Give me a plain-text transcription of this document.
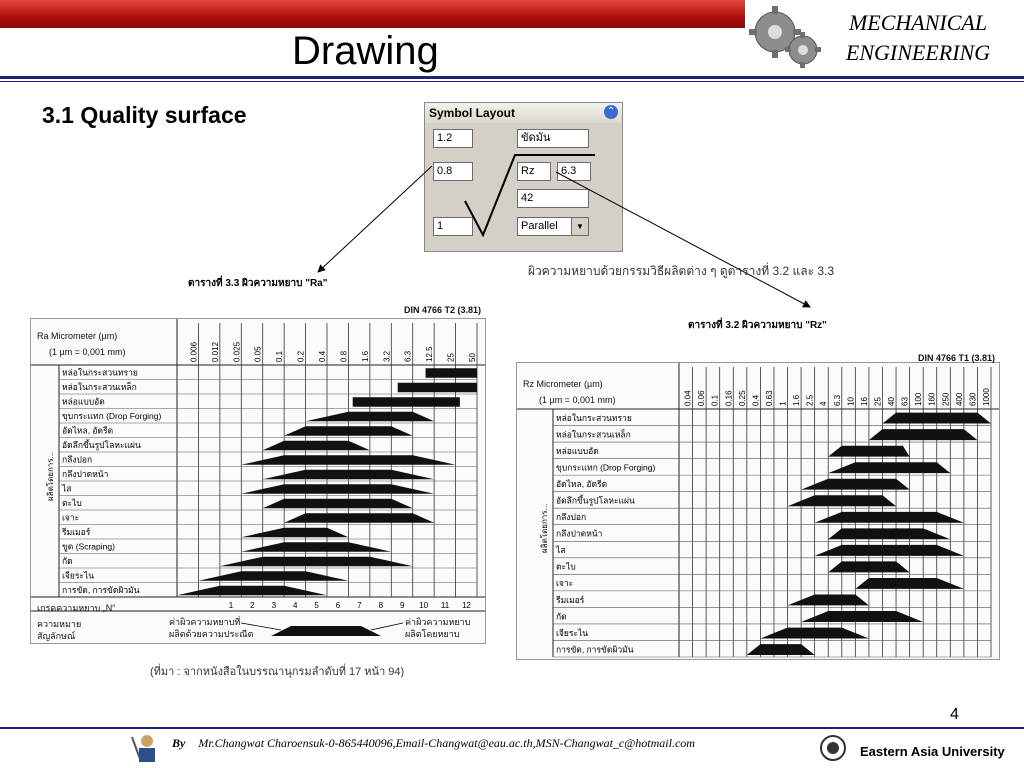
Drawing
MECHANICAL
ENGINEERING
3.1 Quality surface	Symbol Layout	⌃
1.2
0.8
1
ขัดมัน
Rz	6.3
42
Parallel	▼
ตารางที่ 3.3 ผิวความหยาบ "Ra"
DIN 4766 T2 (3.81)
Ra Micrometer (µm)
(1 µm = 0,001 mm)	0.006 0.012 0.025 0.05 0.1 0.2 0.4 0.8 1.6 3.2 6.3 12.5 25 50
หล่อในกระสวนทราย
หล่อในกระสวนเหล็ก
หล่อแบบอัด
ขุบกระแทก (Drop Forging)
อัดไหล, อัดรีด
อัดลึกขึ้นรูปโลหะแผ่น
กลึงปอก
กลึงปาดหน้า
ไส
ตะไบ
เจาะ
รีมเมอร์
ขูด (Scraping)
กัด
เจียระไน
การขัด, การขัดผิวมัน
ผลิตโดยการ...
1 2 3 4 5 6 7 8 9 10 11 12
เกรดความหยาบ „N“
ความหมาย
สัญลักษณ์
ค่าผิวความหยาบที่
ผลิตด้วยความประณีต
ค่าผิวความหยาบ
ผลิตโดยหยาบ
(ที่มา : จากหนังสือในบรรณานุกรมลำดับที่ 17 หน้า 94)
ผิวความหยาบด้วยกรรมวิธีผลิตต่าง ๆ ดูตารางที่ 3.2 และ 3.3
ตารางที่ 3.2 ผิวความหยาบ "Rz"
DIN 4766 T1 (3.81)
Rz Micrometer (µm)
(1 µm = 0,001 mm)	0.04 0.06 0.1 0.16 0.25 0.4 0.63 1 1.6 2.5 4 6.3 10 16 25 40 63 100 160 250 400 630 1000
หล่อในกระสวนทราย
หล่อในกระสวนเหล็ก
หล่อแบบอัด
ขุบกระแทก (Drop Forging)
อัดไหล, อัดรีด
อัดลึกขึ้นรูปโลหะแผ่น
กลึงปอก
กลึงปาดหน้า
ไส
ตะไบ
เจาะ
รีมเมอร์
กัด
เจียระไน
การขัด, การขัดผิวมัน
ผลิตโดยการ...
4
By Mr.Changwat Charoensuk-0-865440096,Email-Changwat@eau.ac.th,MSN-Changwat_c@hotmail.com
Eastern Asia University
